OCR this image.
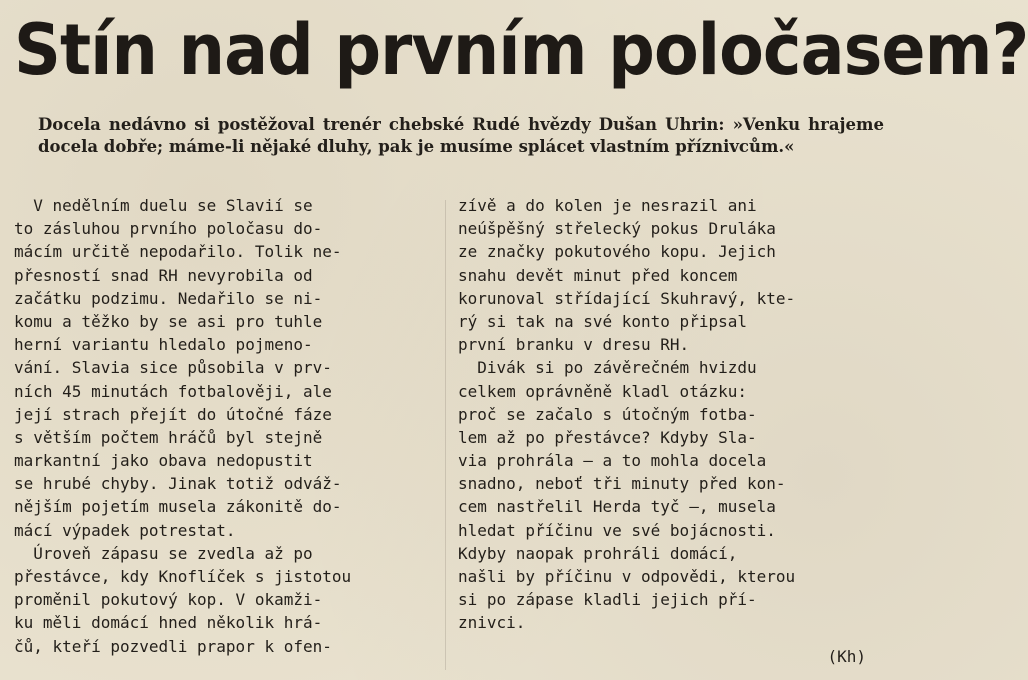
Stín nad prvním poločasem?
Docela nedávno si postěžoval trenér chebské Rudé hvězdy Dušan Uhrin: »Venku hrajeme docela dobře; máme-li nějaké dluhy, pak je musíme splácet vlastním příznivcům.«
V nedělním duelu se Slavií se
to zásluhou prvního poločasu do-
mácím určitě nepodařilo. Tolik ne-
přesností snad RH nevyrobila od
začátku podzimu. Nedařilo se ni-
komu a těžko by se asi pro tuhle
herní variantu hledalo pojmeno-
vání. Slavia sice působila v prv-
ních 45 minutách fotbalověji, ale
její strach přejít do útočné fáze
s větším počtem hráčů byl stejně
markantní jako obava nedopustit
se hrubé chyby. Jinak totiž odváž-
nějším pojetím musela zákonitě do-
mácí výpadek potrestat.
Úroveň zápasu se zvedla až po
přestávce, kdy Knoflíček s jistotou
proměnil pokutový kop. V okamži-
ku měli domácí hned několik hrá-
čů, kteří pozvedli prapor k ofen-
zívě a do kolen je nesrazil ani
neúšpěšný střelecký pokus Druláka
ze značky pokutového kopu. Jejich
snahu devět minut před koncem
korunoval střídající Skuhravý, kte-
rý si tak na své konto připsal
první branku v dresu RH.
Divák si po závěrečném hvizdu
celkem oprávněně kladl otázku:
proč se začalo s útočným fotba-
lem až po přestávce? Kdyby Sla-
via prohrála — a to mohla docela
snadno, neboť tři minuty před kon-
cem nastřelil Herda tyč —, musela
hledat příčinu ve své bojácnosti.
Kdyby naopak prohráli domácí,
našli by příčinu v odpovědi, kterou
si po zápase kladli jejich pří-
znivci.
(Kh)
